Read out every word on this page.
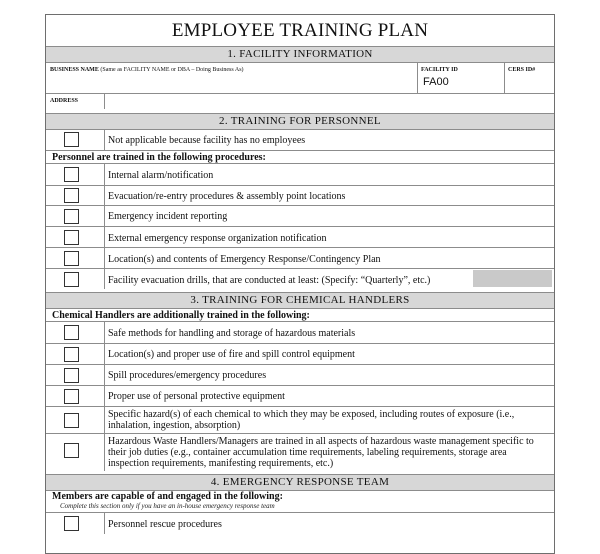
EMPLOYEE TRAINING PLAN
1. FACILITY INFORMATION
BUSINESS NAME (Same as FACILITY NAME or DBA – Doing Business As)	FACILITY ID
FA00
CERS ID#
ADDRESS
2. TRAINING FOR PERSONNEL
Not applicable because facility has no employees
Personnel are trained in the following procedures:
Internal alarm/notification
Evacuation/re-entry procedures & assembly point locations
Emergency incident reporting
External emergency response organization notification
Location(s) and contents of Emergency Response/Contingency Plan
Facility evacuation drills, that are conducted at least: (Specify: “Quarterly”, etc.)
3. TRAINING FOR CHEMICAL HANDLERS
Chemical Handlers are additionally trained in the following:
Safe methods for handling and storage of hazardous materials
Location(s) and proper use of fire and spill control equipment
Spill procedures/emergency procedures
Proper use of personal protective equipment
Specific hazard(s) of each chemical to which they may be exposed, including routes of exposure (i.e., inhalation, ingestion, absorption)
Hazardous Waste Handlers/Managers are trained in all aspects of hazardous waste management specific to their job duties (e.g., container accumulation time requirements, labeling requirements, storage area inspection requirements, manifesting requirements, etc.)
4. EMERGENCY RESPONSE TEAM
Members are capable of and engaged in the following:
Complete this section only if you have an in-house emergency response team
Personnel rescue procedures
